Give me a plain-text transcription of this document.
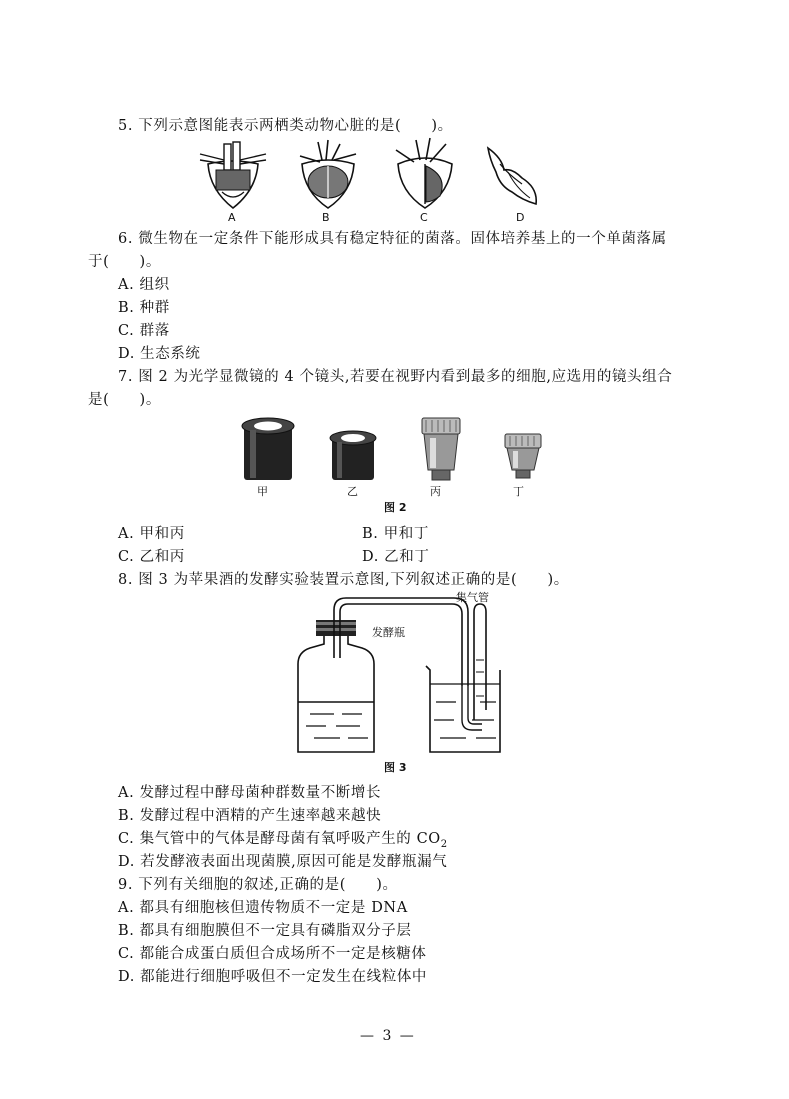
5. 下列示意图能表示两栖类动物心脏的是(　　)。
A	B	C	D
6. 微生物在一定条件下能形成具有稳定特征的菌落。固体培养基上的一个单菌落属
于(　　)。
A. 组织
B. 种群
C. 群落
D. 生态系统
7. 图 2 为光学显微镜的 4 个镜头,若要在视野内看到最多的细胞,应选用的镜头组合
是(　　)。
甲	乙	丙	丁
图 2
A. 甲和丙	B. 甲和丁
C. 乙和丙	D. 乙和丁
8. 图 3 为苹果酒的发酵实验装置示意图,下列叙述正确的是(　　)。
集气管
发酵瓶
图 3
A. 发酵过程中酵母菌种群数量不断增长
B. 发酵过程中酒精的产生速率越来越快
C. 集气管中的气体是酵母菌有氧呼吸产生的 $CO_2$
D. 若发酵液表面出现菌膜,原因可能是发酵瓶漏气
9. 下列有关细胞的叙述,正确的是(　　)。
A. 都具有细胞核但遗传物质不一定是 DNA
B. 都具有细胞膜但不一定具有磷脂双分子层
C. 都能合成蛋白质但合成场所不一定是核糖体
D. 都能进行细胞呼吸但不一定发生在线粒体中
— 3 —
